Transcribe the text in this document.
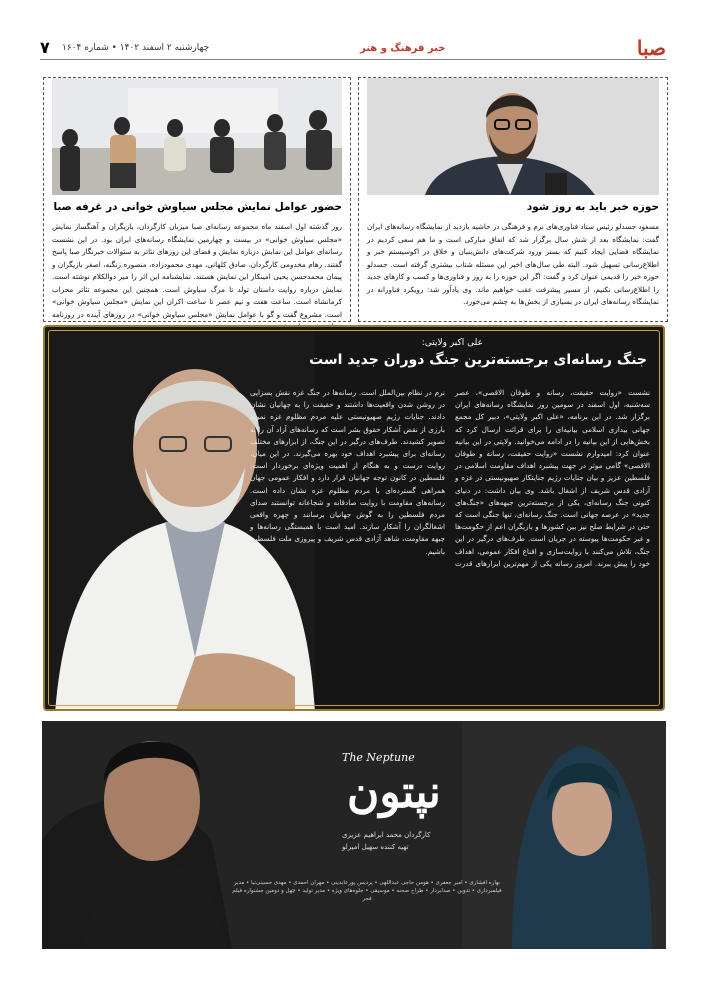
۷ چهارشنبه ۲ اسفند ۱۴۰۲ • شماره ۱۶۰۴	خبر فرهنگ و هنر	صبا
حوزه خبر باید به روز شود
مسعود جسدلو رئیس ستاد فناوری‌های نرم و فرهنگی در حاشیه بازدید از نمایشگاه رسانه‌های ایران گفت: نمایشگاه بعد از شش سال برگزار شد که اتفاق مبارکی است و ما هم سعی کردیم در نمایشگاه فضایی ایجاد کنیم که بستر ورود شرکت‌های دانش‌بنیان و خلاق در اکوسیستم خبر و اطلاع‌رسانی تسهیل شود. البته طی سال‌های اخیر این مسئله شتاب بیشتری گرفته است. جسدلو حوزه خبر را قدیمی عنوان کرد و گفت: اگر این حوزه را به روز و فناوری‌ها و کسب و کارهای جدید را اطلاع‌رسانی نکنیم، از مسیر پیشرفت عقب خواهیم ماند. وی یادآور شد: رویکرد فناورانه در نمایشگاه رسانه‌های ایران در بسیاری از بخش‌ها به چشم می‌خورد.
حضور عوامل نمایش مجلس سیاوش خوانی در غرفه صبا
روز گذشته اول اسفند ماه مجموعه رسانه‌ای صبا میزبان کارگردان، بازیگران و آهنگساز نمایش «مجلس سیاوش خوانی» در بیست و چهارمین نمایشگاه رسانه‌های ایران بود. در این نشست رسانه‌ای عوامل این نمایش درباره نمایش و فضای این روزهای تئاتر به سئوالات خبرنگار صبا پاسخ گفتند. رهام مخدومی کارگردان، صادق کلهانی، مهدی محمودزاده، منصوره زنگنه، اصغر بازیگران و پیمان محمدحسن یحیی امینکار این نمایش هستند. نمایشنامه این اثر را میر دوالکلام نوشته است. نمایش درباره روایت داستان تولد تا مرگ سیاوش است. همچنین این مجموعه تئاتر محراب کرمانشاه است. ساعت هفت و نیم عصر تا ساعت اکران این نمایش «مجلس سیاوش خوانی» است. مشروع گفت و گو با عوامل نمایش «مجلس سیاوش خوانی» در روزهای آینده در روزنامه
علی اکبر ولایتی:
جنگ رسانه‌ای برجسته‌ترین جنگ دوران جدید است
نشست «روایت حقیقت، رسانه و طوفان الاقصی»، عصر سه‌شنبه، اول اسفند در سومین روز نمایشگاه رسانه‌های ایران برگزار شد. در این برنامه، «علی اکبر ولایتی»، دبیر کل مجمع جهانی بیداری اسلامی بیانیه‌ای را برای قرائت ارسال کرد که بخش‌هایی از این بیانیه را در ادامه می‌خوانید. ولایتی در این بیانیه عنوان کرد: امیدوارم نشست «روایت حقیقت، رسانه و طوفان الاقصی» گامی موثر در جهت پیشبرد اهداف مقاومت اسلامی در فلسطین عزیز و بیان جنایات رژیم جنایتکار صهیونیستی در غزه و آزادی قدس شریف از اشغال باشد. وی بیان داشت: در دنیای کنونی جنگ رسانه‌ای، یکی از برجسته‌ترین جبهه‌های «جنگ‌های جدید» در عرصه جهانی است. جنگ رسانه‌ای، تنها جنگی است که حتی در شرایط صلح نیز بین کشورها و بازیگران اعم از حکومت‌ها و غیر حکومت‌ها پیوسته در جریان است. طرف‌های درگیر در این جنگ، تلاش می‌کنند با روایت‌سازی و اقناع افکار عمومی، اهداف خود را پیش ببرند. امروز رسانه یکی از مهم‌ترین ابزارهای قدرت نرم در نظام بین‌الملل است. رسانه‌ها در جنگ غزه نقش بسزایی در روشن شدن واقعیت‌ها داشتند و حقیقت را به جهانیان نشان دادند. جنایات رژیم صهیونیستی علیه مردم مظلوم غزه نمونه بارزی از نقض آشکار حقوق بشر است که رسانه‌های آزاد آن را به تصویر کشیدند. طرف‌های درگیر در این جنگ، از ابزارهای مختلف رسانه‌ای برای پیشبرد اهداف خود بهره می‌گیرند. در این میان، روایت درست و به هنگام از اهمیت ویژه‌ای برخوردار است. فلسطین در کانون توجه جهانیان قرار دارد و افکار عمومی جهان همراهی گسترده‌ای با مردم مظلوم غزه نشان داده است. رسانه‌های مقاومت با روایت صادقانه و شجاعانه توانستند صدای مردم فلسطین را به گوش جهانیان برسانند و چهره واقعی اشغالگران را آشکار سازند. امید است با همبستگی رسانه‌ها و جبهه مقاومت، شاهد آزادی قدس شریف و پیروزی ملت فلسطین باشیم.
The Neptune
نپتون
کارگردان محمد ابراهیم عزیزی
تهیه کننده سهیل امیرلو
بهاره افشاری • امیر جعفری • هومن حاجی عبداللهی • پردیس پورعابدینی • مهران احمدی • مهدی حسینی‌نیا • مدیر فیلمبرداری • تدوین • صدابردار • طراح صحنه • موسیقی • جلوه‌های ویژه • مدیر تولید • چهل و دومین جشنواره فیلم فجر
